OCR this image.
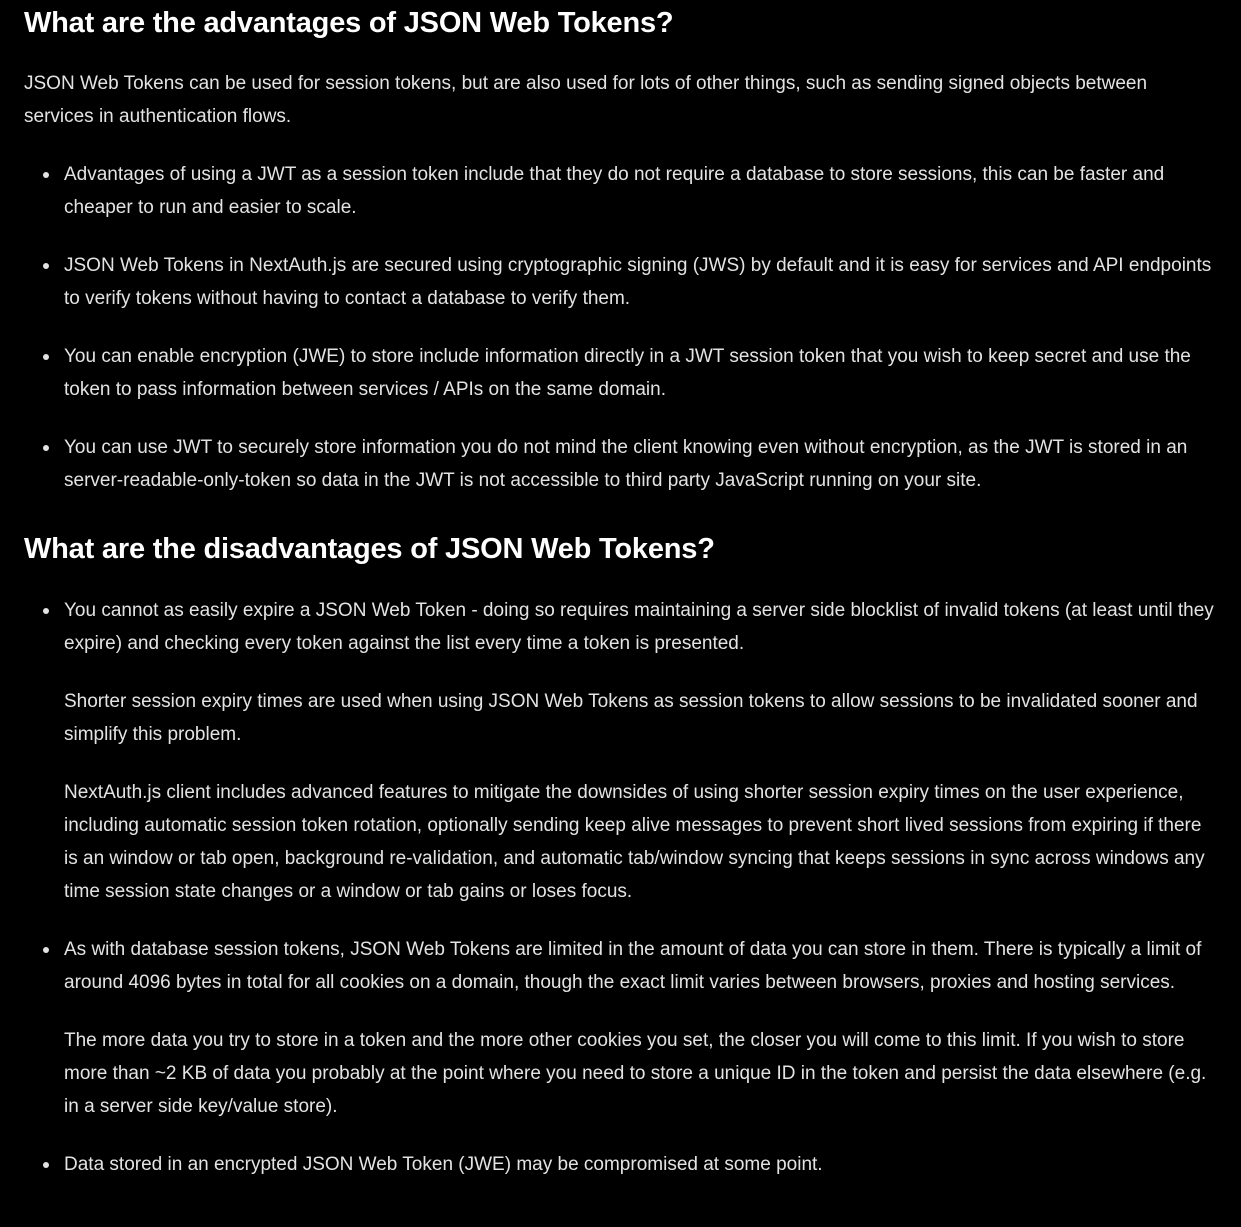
What are the advantages of JSON Web Tokens?

JSON Web Tokens can be used for session tokens, but are also used for lots of other things, such as sending signed objects between services in authentication flows.

Advantages of using a JWT as a session token include that they do not require a database to store sessions, this can be faster and cheaper to run and easier to scale.
JSON Web Tokens in NextAuth.js are secured using cryptographic signing (JWS) by default and it is easy for services and API endpoints to verify tokens without having to contact a database to verify them.
You can enable encryption (JWE) to store include information directly in a JWT session token that you wish to keep secret and use the token to pass information between services / APIs on the same domain.
You can use JWT to securely store information you do not mind the client knowing even without encryption, as the JWT is stored in an server-readable-only-token so data in the JWT is not accessible to third party JavaScript running on your site.
What are the disadvantages of JSON Web Tokens?

You cannot as easily expire a JSON Web Token - doing so requires maintaining a server side blocklist of invalid tokens (at least until they expire) and checking every token against the list every time a token is presented.

Shorter session expiry times are used when using JSON Web Tokens as session tokens to allow sessions to be invalidated sooner and simplify this problem.

NextAuth.js client includes advanced features to mitigate the downsides of using shorter session expiry times on the user experience, including automatic session token rotation, optionally sending keep alive messages to prevent short lived sessions from expiring if there is an window or tab open, background re-validation, and automatic tab/window syncing that keeps sessions in sync across windows any time session state changes or a window or tab gains or loses focus.

As with database session tokens, JSON Web Tokens are limited in the amount of data you can store in them. There is typically a limit of around 4096 bytes in total for all cookies on a domain, though the exact limit varies between browsers, proxies and hosting services.

The more data you try to store in a token and the more other cookies you set, the closer you will come to this limit. If you wish to store more than ~2 KB of data you probably at the point where you need to store a unique ID in the token and persist the data elsewhere (e.g. in a server side key/value store).

Data stored in an encrypted JSON Web Token (JWE) may be compromised at some point.
